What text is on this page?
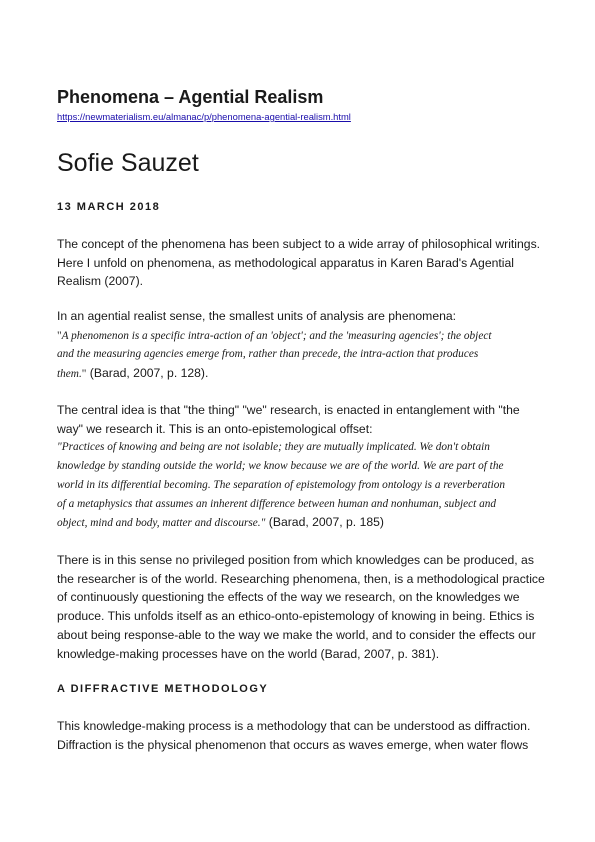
Phenomena – Agential Realism
https://newmaterialism.eu/almanac/p/phenomena-agential-realism.html
Sofie Sauzet
13 MARCH 2018
The concept of the phenomena has been subject to a wide array of philosophical writings.
Here I unfold on phenomena, as methodological apparatus in Karen Barad's Agential
Realism (2007).
In an agential realist sense, the smallest units of analysis are phenomena:
"A phenomenon is a specific intra-action of an 'object'; and the 'measuring agencies'; the object
and the measuring agencies emerge from, rather than precede, the intra-action that produces
them." (Barad, 2007, p. 128).
The central idea is that "the thing" "we" research, is enacted in entanglement with "the
way" we research it. This is an onto-epistemological offset:
"Practices of knowing and being are not isolable; they are mutually implicated. We don't obtain
knowledge by standing outside the world; we know because we are of the world. We are part of the
world in its differential becoming. The separation of epistemology from ontology is a reverberation
of a metaphysics that assumes an inherent difference between human and nonhuman, subject and
object, mind and body, matter and discourse." (Barad, 2007, p. 185)
There is in this sense no privileged position from which knowledges can be produced, as
the researcher is of the world. Researching phenomena, then, is a methodological practice
of continuously questioning the effects of the way we research, on the knowledges we
produce. This unfolds itself as an ethico-onto-epistemology of knowing in being. Ethics is
about being response-able to the way we make the world, and to consider the effects our
knowledge-making processes have on the world (Barad, 2007, p. 381).
A DIFFRACTIVE METHODOLOGY
This knowledge-making process is a methodology that can be understood as diffraction.
Diffraction is the physical phenomenon that occurs as waves emerge, when water flows
